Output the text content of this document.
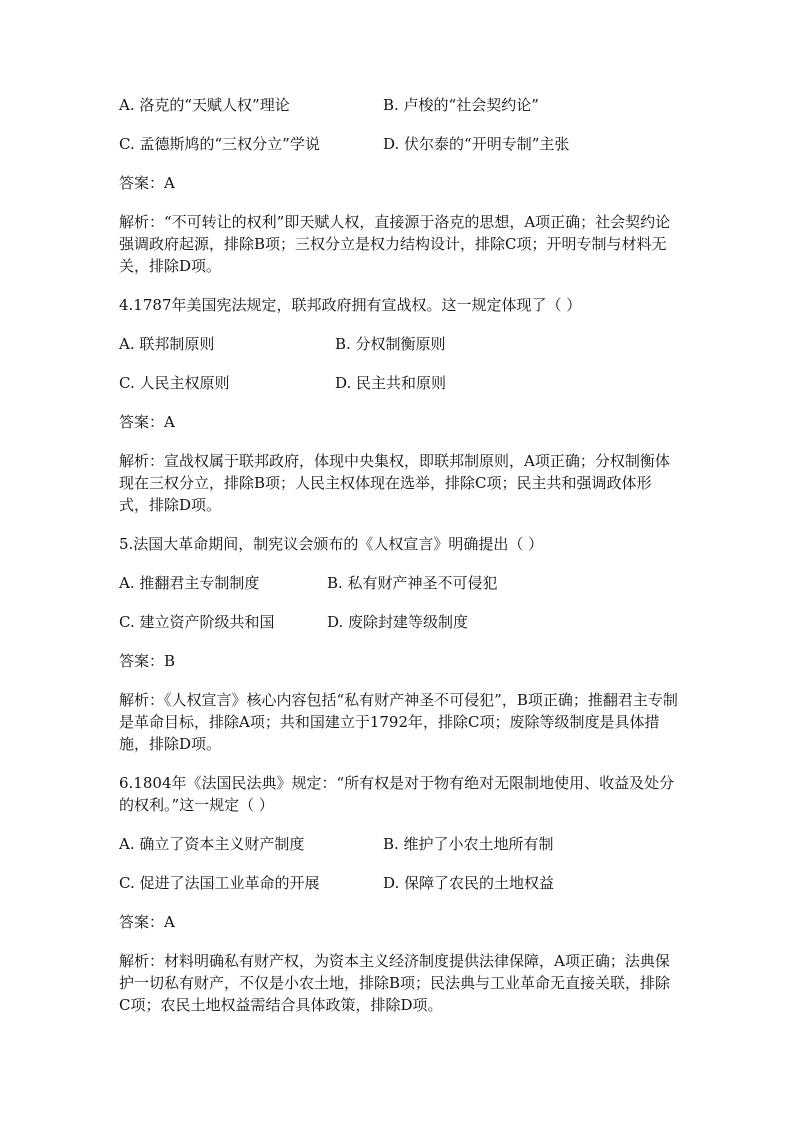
A. 洛克的“天赋人权”理论	B. 卢梭的“社会契约论”
C. 孟德斯鸠的“三权分立”学说	D. 伏尔泰的“开明专制”主张
答案：A
解析：“不可转让的权利”即天赋人权，直接源于洛克的思想，A项正确；社会契约论强调政府起源，排除B项；三权分立是权力结构设计，排除C项；开明专制与材料无关，排除D项。
4.1787年美国宪法规定，联邦政府拥有宣战权。这一规定体现了（ ）
A. 联邦制原则	B. 分权制衡原则
C. 人民主权原则	D. 民主共和原则
答案：A
解析：宣战权属于联邦政府，体现中央集权，即联邦制原则，A项正确；分权制衡体现在三权分立，排除B项；人民主权体现在选举，排除C项；民主共和强调政体形式，排除D项。
5.法国大革命期间，制宪议会颁布的《人权宣言》明确提出（ ）
A. 推翻君主专制制度	B. 私有财产神圣不可侵犯
C. 建立资产阶级共和国	D. 废除封建等级制度
答案：B
解析：《人权宣言》核心内容包括“私有财产神圣不可侵犯”，B项正确；推翻君主专制是革命目标，排除A项；共和国建立于1792年，排除C项；废除等级制度是具体措施，排除D项。
6.1804年《法国民法典》规定：“所有权是对于物有绝对无限制地使用、收益及处分的权利。”这一规定（ ）
A. 确立了资本主义财产制度	B. 维护了小农土地所有制
C. 促进了法国工业革命的开展	D. 保障了农民的土地权益
答案：A
解析：材料明确私有财产权，为资本主义经济制度提供法律保障，A项正确；法典保护一切私有财产，不仅是小农土地，排除B项；民法典与工业革命无直接关联，排除C项；农民土地权益需结合具体政策，排除D项。
